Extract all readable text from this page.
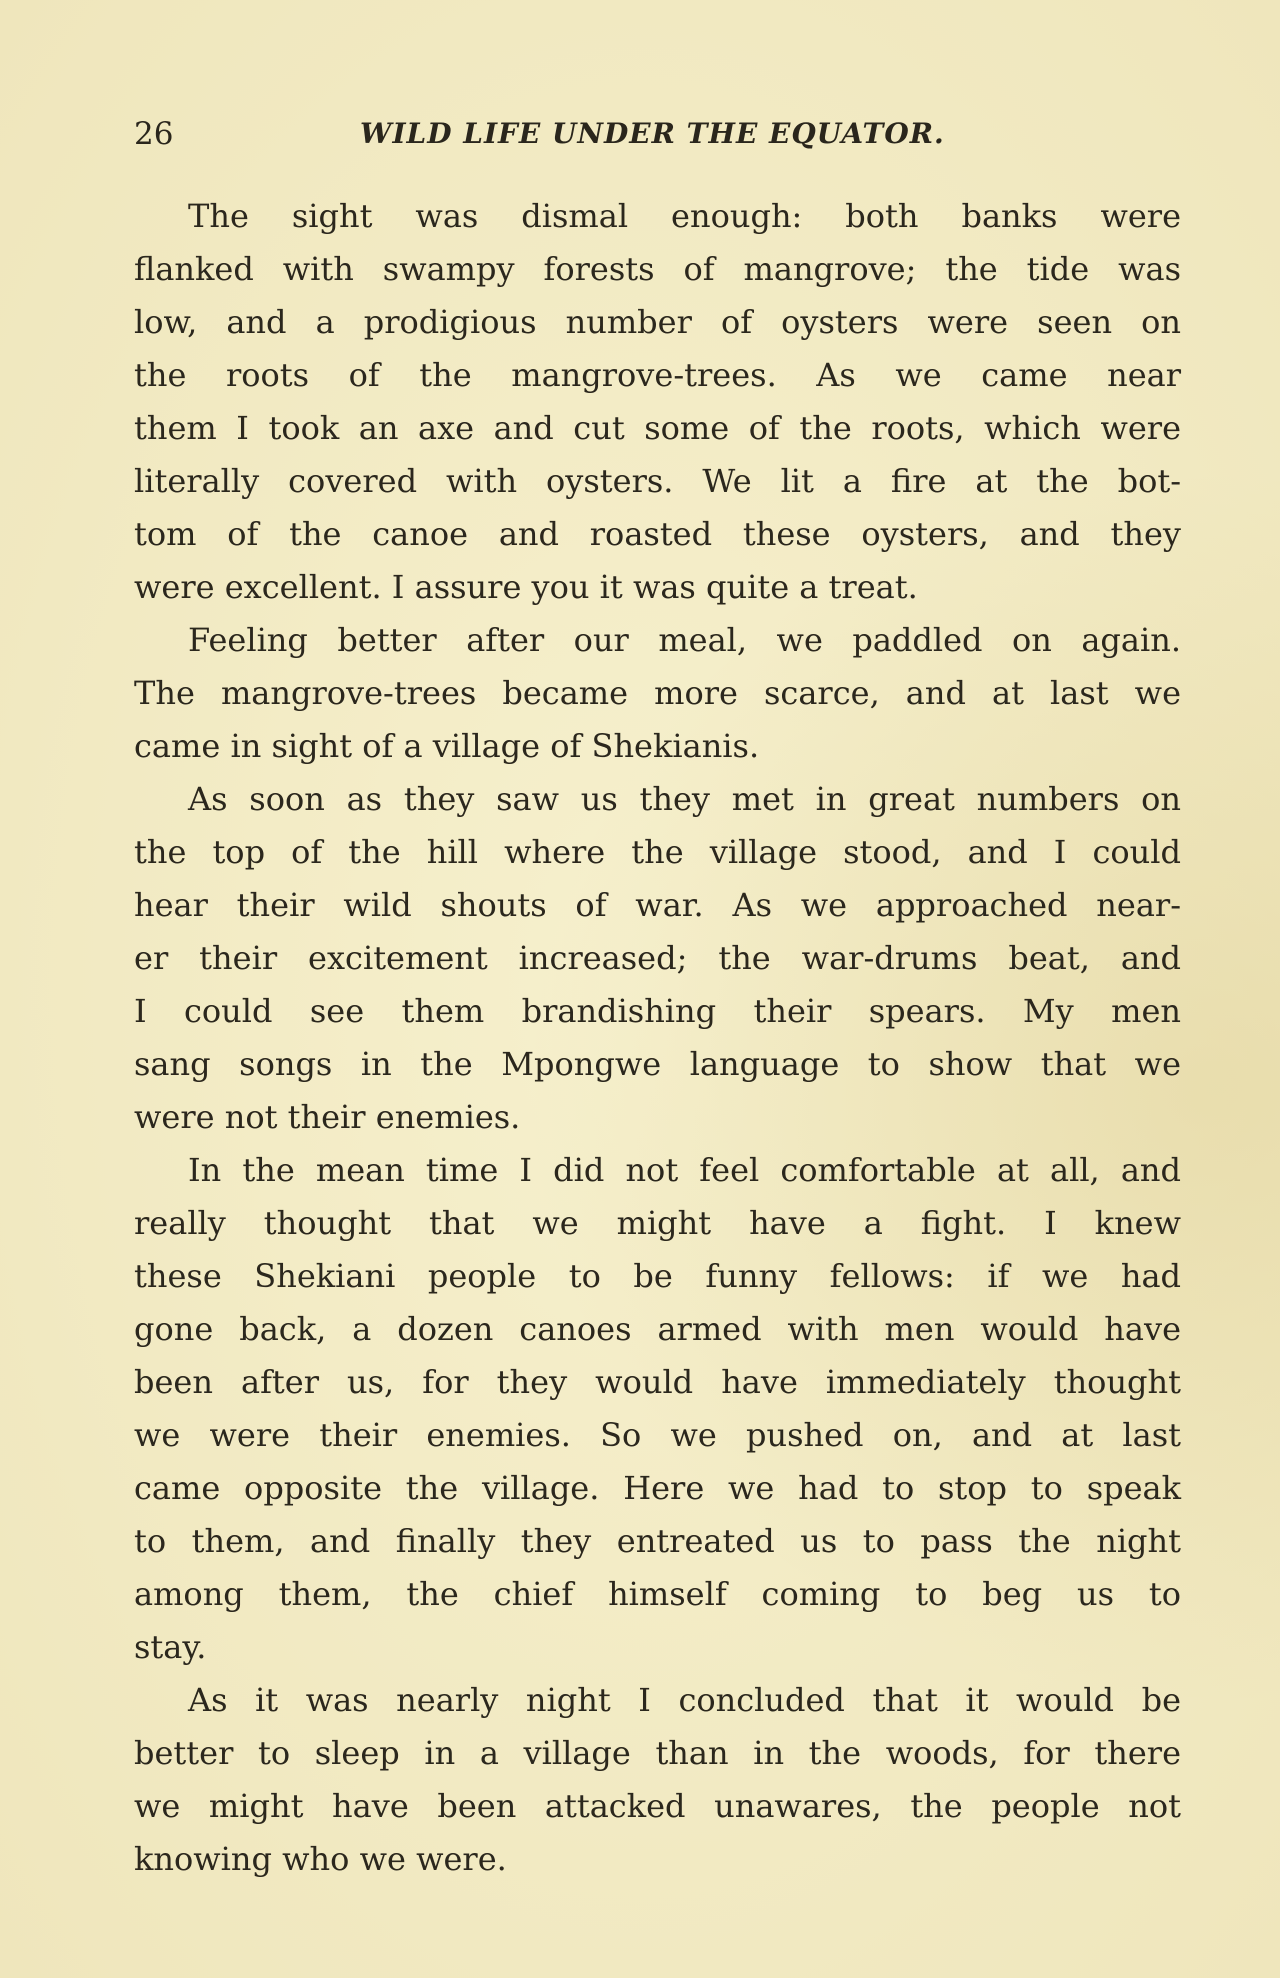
26	WILD LIFE UNDER THE EQUATOR.

The sight was dismal enough: both banks were
flanked with swampy forests of mangrove; the tide was
low, and a prodigious number of oysters were seen on
the roots of the mangrove-trees. As we came near
them I took an axe and cut some of the roots, which were
literally covered with oysters. We lit a fire at the bot-
tom of the canoe and roasted these oysters, and they
were excellent. I assure you it was quite a treat.

Feeling better after our meal, we paddled on again.
The mangrove-trees became more scarce, and at last we
came in sight of a village of Shekianis.

As soon as they saw us they met in great numbers on
the top of the hill where the village stood, and I could
hear their wild shouts of war. As we approached near-
er their excitement increased; the war-drums beat, and
I could see them brandishing their spears. My men
sang songs in the Mpongwe language to show that we
were not their enemies.

In the mean time I did not feel comfortable at all, and
really thought that we might have a fight. I knew
these Shekiani people to be funny fellows: if we had
gone back, a dozen canoes armed with men would have
been after us, for they would have immediately thought
we were their enemies. So we pushed on, and at last
came opposite the village. Here we had to stop to speak
to them, and finally they entreated us to pass the night
among them, the chief himself coming to beg us to
stay.

As it was nearly night I concluded that it would be
better to sleep in a village than in the woods, for there
we might have been attacked unawares, the people not
knowing who we were.
